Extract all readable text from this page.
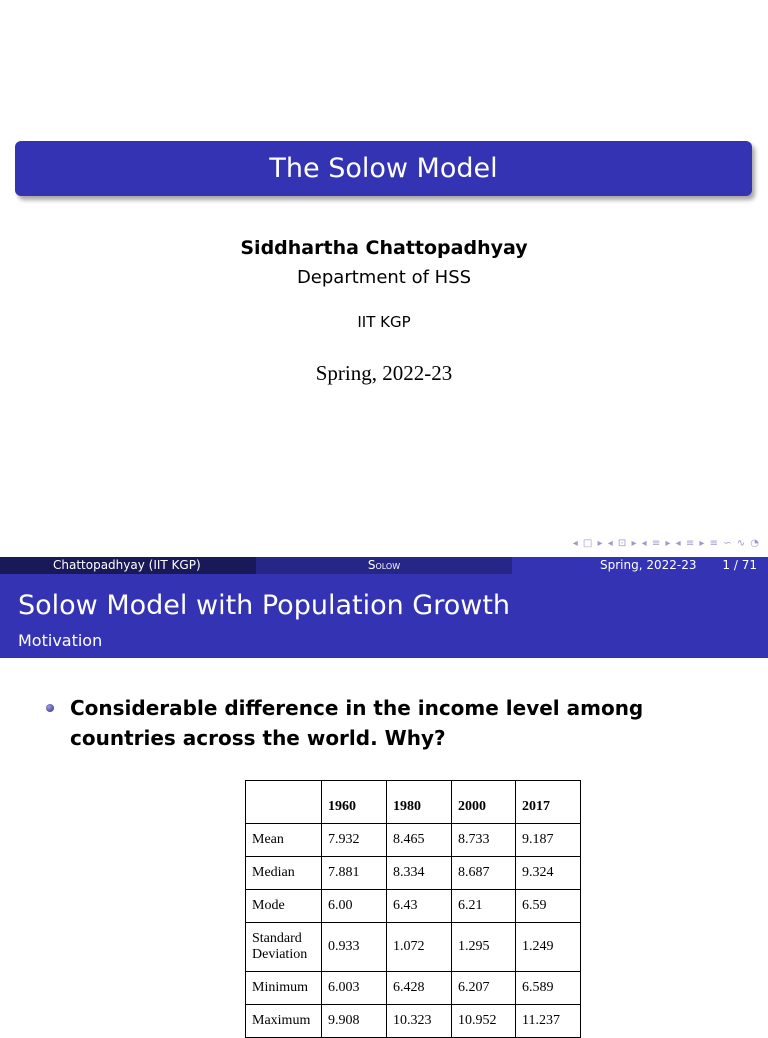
The Solow Model
Siddhartha Chattopadhyay
Department of HSS
IIT KGP
Spring, 2022-23
◂ □ ▸ ◂ ⊡ ▸ ◂ ≡ ▸ ◂ ≡ ▸ ≡ ∽ ∿ ◔
Chattopadhyay (IIT KGP)	Solow	Spring, 2022-23 1 / 71
Solow Model with Population Growth
Motivation
Considerable difference in the income level among countries across the world. Why?
	1960	1980	2000	2017
Mean	7.932	8.465	8.733	9.187
Median	7.881	8.334	8.687	9.324
Mode	6.00	6.43	6.21	6.59
Standard Deviation	0.933	1.072	1.295	1.249
Minimum	6.003	6.428	6.207	6.589
Maximum	9.908	10.323	10.952	11.237
